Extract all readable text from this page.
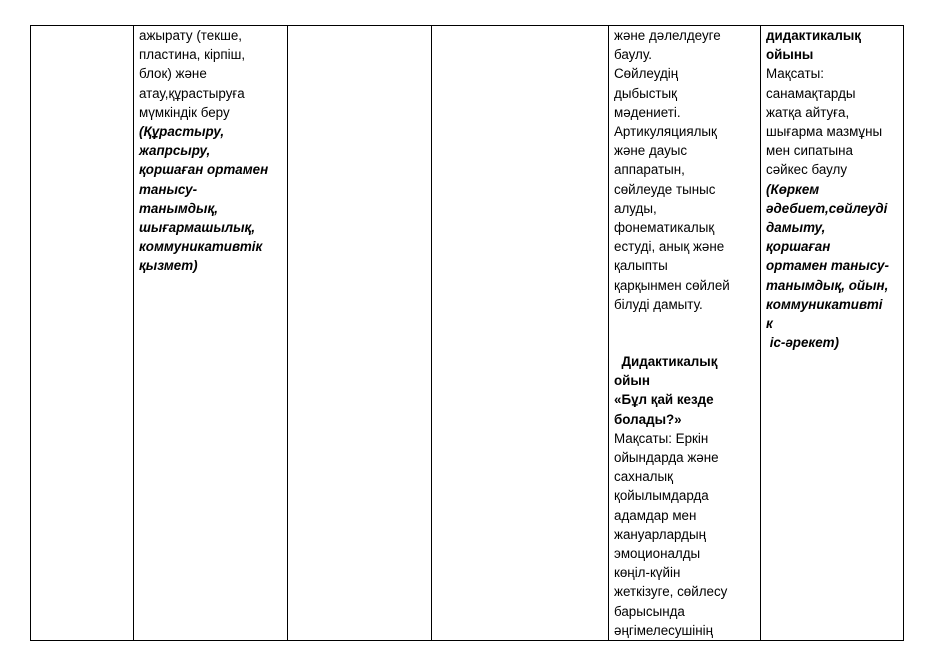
ажырату (текше,
пластина, кірпіш,
блок) және
атау,құрастыруға
мүмкіндік беру
(Құрастыру,
жапрсыру,
қоршаған ортамен
танысу-
танымдық,
шығармашылық,
коммуникативтік
қызмет)
және дәлелдеуге
баулу.
Сөйлеудің
дыбыстық
мәдениеті.
Артикуляциялық
және дауыс
аппаратын,
сөйлеуде тыныс
алуды,
фонематикалық
естуді, анық және
қалыпты
қарқынмен сөйлей
білуді дамыту.
Дидактикалық
ойын
«Бұл қай кезде
болады?»
Мақсаты: Еркін
ойындарда және
сахналық
қойылымдарда
адамдар мен
жануарлардың
эмоционалды
көңіл-күйін
жеткізуге, сөйлесу
барысында
әңгімелесушінің
дидактикалық
ойыны
Мақсаты:
санамақтарды
жатқа айтуға,
шығарма мазмұны
мен сипатына
сәйкес баулу
(Көркем
әдебиет,сөйлеуді
дамыту,
қоршаған
ортамен танысу-
танымдық, ойын,
коммуникативті
к
іс-әрекет)
